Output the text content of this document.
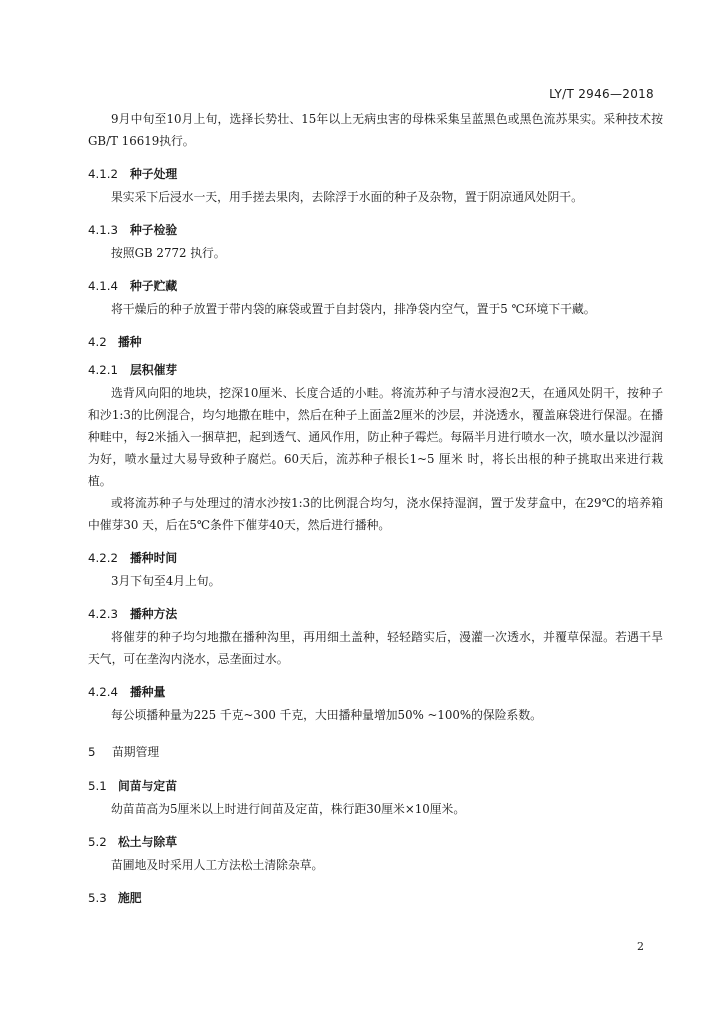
LY/T 2946—2018

9月中旬至10月上旬，选择长势壮、15年以上无病虫害的母株采集呈蓝黑色或黑色流苏果实。采种技术按GB/T 16619执行。

4.1.2 种子处理

果实采下后浸水一天，用手搓去果肉，去除浮于水面的种子及杂物，置于阴凉通风处阴干。

4.1.3 种子检验

按照GB 2772 执行。

4.1.4 种子贮藏

将干燥后的种子放置于带内袋的麻袋或置于自封袋内，排净袋内空气，置于5 ℃环境下干藏。

4.2 播种
4.2.1 层积催芽

选背风向阳的地块，挖深10厘米、长度合适的小畦。将流苏种子与清水浸泡2天，在通风处阴干，按种子和沙1:3的比例混合，均匀地撒在畦中，然后在种子上面盖2厘米的沙层，并浇透水，覆盖麻袋进行保湿。在播种畦中，每2米插入一捆草把，起到透气、通风作用，防止种子霉烂。每隔半月进行喷水一次，喷水量以沙湿润为好，喷水量过大易导致种子腐烂。60天后，流苏种子根长1~5 厘米 时，将长出根的种子挑取出来进行栽植。

或将流苏种子与处理过的清水沙按1:3的比例混合均匀，浇水保持湿润，置于发芽盒中，在29℃的培养箱中催芽30 天，后在5℃条件下催芽40天，然后进行播种。

4.2.2 播种时间

3月下旬至4月上旬。

4.2.3 播种方法

将催芽的种子均匀地撒在播种沟里，再用细土盖种，轻轻踏实后，漫灌一次透水，并覆草保湿。若遇干旱天气，可在垄沟内浇水，忌垄面过水。

4.2.4 播种量

每公顷播种量为225 千克~300 千克，大田播种量增加50% ~100%的保险系数。

5 苗期管理
5.1 间苗与定苗

幼苗苗高为5厘米以上时进行间苗及定苗，株行距30厘米×10厘米。

5.2 松土与除草

苗圃地及时采用人工方法松土清除杂草。

5.3 施肥
2
